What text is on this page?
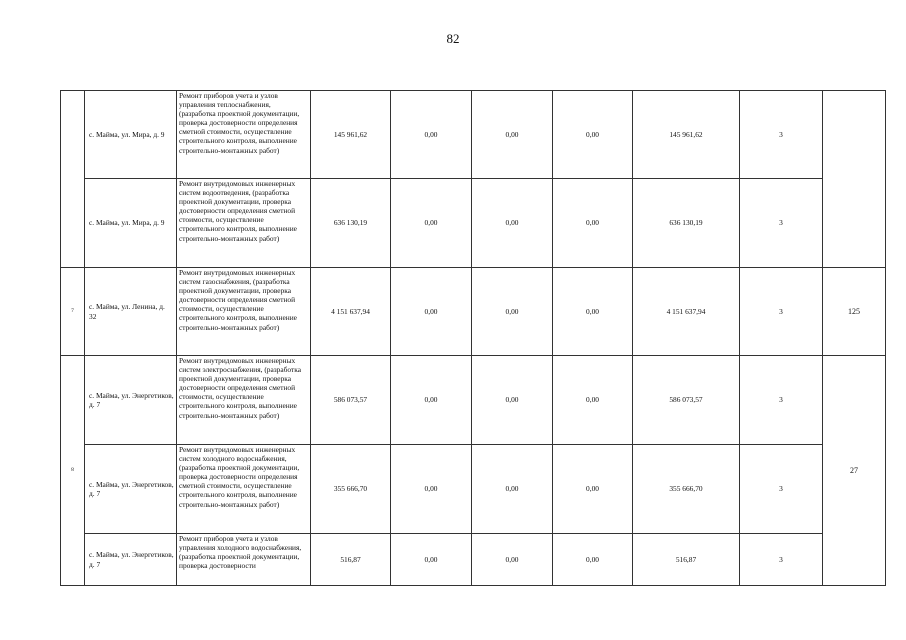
82
	с. Майма, ул. Мира, д. 9	Ремонт приборов учета и узлов управления теплоснабжения, (разработка проектной документации, проверка достоверности определения сметной стоимости, осуществление строительного контроля, выполнение строительно-монтажных работ)	145 961,62	0,00	0,00	0,00	145 961,62	3	
	с. Майма, ул. Мира, д. 9	Ремонт внутридомовых инженерных систем водоотведения, (разработка проектной документации, проверка достоверности определения сметной стоимости, осуществление строительного контроля, выполнение строительно-монтажных работ)	636 130,19	0,00	0,00	0,00	636 130,19	3	
7	с. Майма, ул. Ленина, д. 32	Ремонт внутридомовых инженерных систем газоснабжения, (разработка проектной документации, проверка достоверности определения сметной стоимости, осуществление строительного контроля, выполнение строительно-монтажных работ)	4 151 637,94	0,00	0,00	0,00	4 151 637,94	3	125
8	с. Майма, ул. Энергетиков, д. 7	Ремонт внутридомовых инженерных систем электроснабжения, (разработка проектной документации, проверка достоверности определения сметной стоимости, осуществление строительного контроля, выполнение строительно-монтажных работ)	586 073,57	0,00	0,00	0,00	586 073,57	3	27
	с. Майма, ул. Энергетиков, д. 7	Ремонт внутридомовых инженерных систем холодного водоснабжения, (разработка проектной документации, проверка достоверности определения сметной стоимости, осуществление строительного контроля, выполнение строительно-монтажных работ)	355 666,70	0,00	0,00	0,00	355 666,70	3	
	с. Майма, ул. Энергетиков, д. 7	Ремонт приборов учета и узлов управления холодного водоснабжения, (разработка проектной документации, проверка достоверности	516,87	0,00	0,00	0,00	516,87	3	
